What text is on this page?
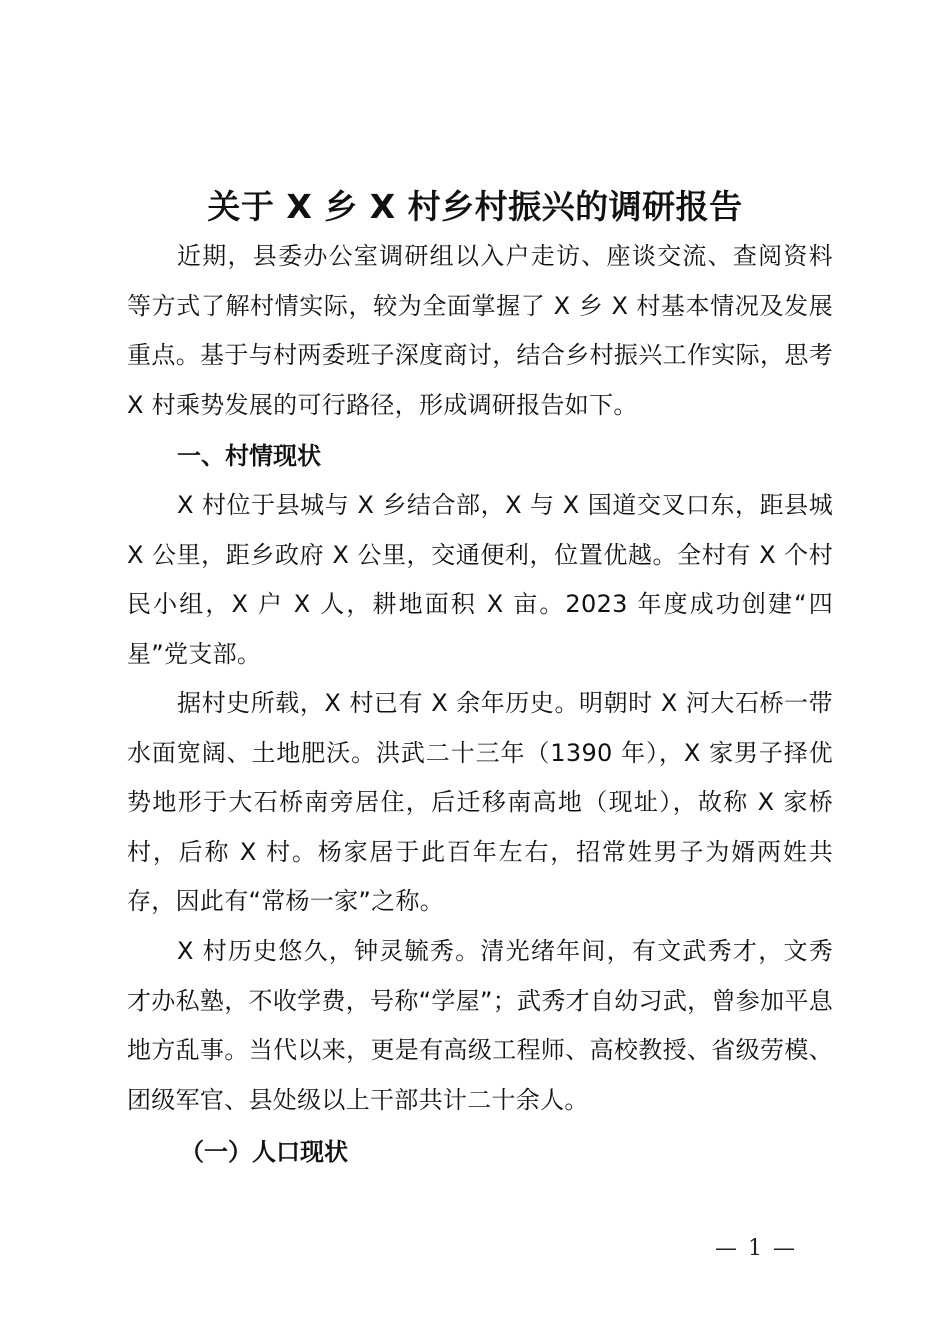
关于 X 乡 X 村乡村振兴的调研报告
近期，县委办公室调研组以入户走访、座谈交流、查阅资料等方式了解村情实际，较为全面掌握了 X 乡 X 村基本情况及发展重点。基于与村两委班子深度商讨，结合乡村振兴工作实际，思考 X 村乘势发展的可行路径，形成调研报告如下。
一、村情现状
X 村位于县城与 X 乡结合部，X 与 X 国道交叉口东，距县城 X 公里，距乡政府 X 公里，交通便利，位置优越。全村有 X 个村民小组，X 户 X 人，耕地面积 X 亩。2023 年度成功创建“四星”党支部。
据村史所载，X 村已有 X 余年历史。明朝时 X 河大石桥一带水面宽阔、土地肥沃。洪武二十三年（1390 年），X 家男子择优势地形于大石桥南旁居住，后迁移南高地（现址），故称 X 家桥村，后称 X 村。杨家居于此百年左右，招常姓男子为婿两姓共存，因此有“常杨一家”之称。
X 村历史悠久，钟灵毓秀。清光绪年间，有文武秀才，文秀才办私塾，不收学费，号称“学屋”；武秀才自幼习武，曾参加平息地方乱事。当代以来，更是有高级工程师、高校教授、省级劳模、团级军官、县处级以上干部共计二十余人。
（一）人口现状
— 1 —
